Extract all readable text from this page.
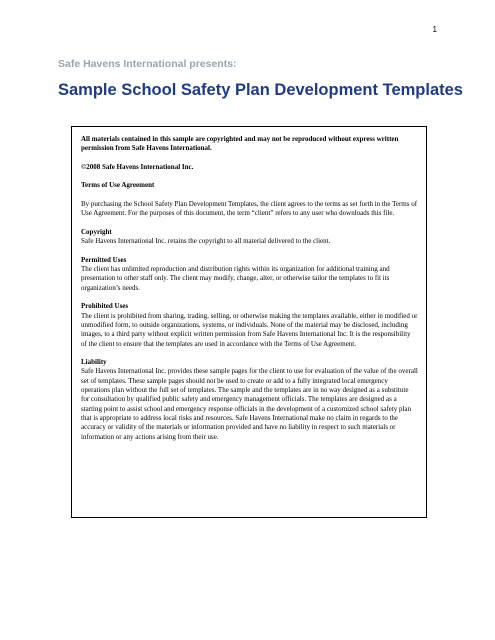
1
Safe Havens International presents:
Sample School Safety Plan Development Templates

All materials contained in this sample are copyrighted and may not be reproduced without express written permission from Safe Havens International.

©2008 Safe Havens International Inc.

Terms of Use Agreement

By purchasing the School Safety Plan Development Templates, the client agrees to the terms as set forth in the Terms of Use Agreement. For the purposes of this document, the term “client” refers to any user who downloads this file.

Copyright
Safe Havens International Inc. retains the copyright to all material delivered to the client.

Permitted Uses
The client has unlimited reproduction and distribution rights within its organization for additional training and presentation to other staff only. The client may modify, change, alter, or otherwise tailor the templates to fit its organization’s needs.

Prohibited Uses
The client is prohibited from sharing, trading, selling, or otherwise making the templates available, either in modified or unmodified form, to outside organizations, systems, or individuals. None of the material may be disclosed, including images, to a third party without explicit written permission from Safe Havens International Inc. It is the responsibility of the client to ensure that the templates are used in accordance with the Terms of Use Agreement.

Liability
Safe Havens International Inc. provides these sample pages for the client to use for evaluation of the value of the overall set of templates. These sample pages should not be used to create or add to a fully integrated local emergency operations plan without the full set of templates. The sample and the templates are in no way designed as a substitute for consultation by qualified public safety and emergency management officials. The templates are designed as a starting point to assist school and emergency response officials in the development of a customized school safety plan that is appropriate to address local risks and resources. Safe Havens International make no claim in regards to the accuracy or validity of the materials or information provided and have no liability in respect to such materials or information or any actions arising from their use.
